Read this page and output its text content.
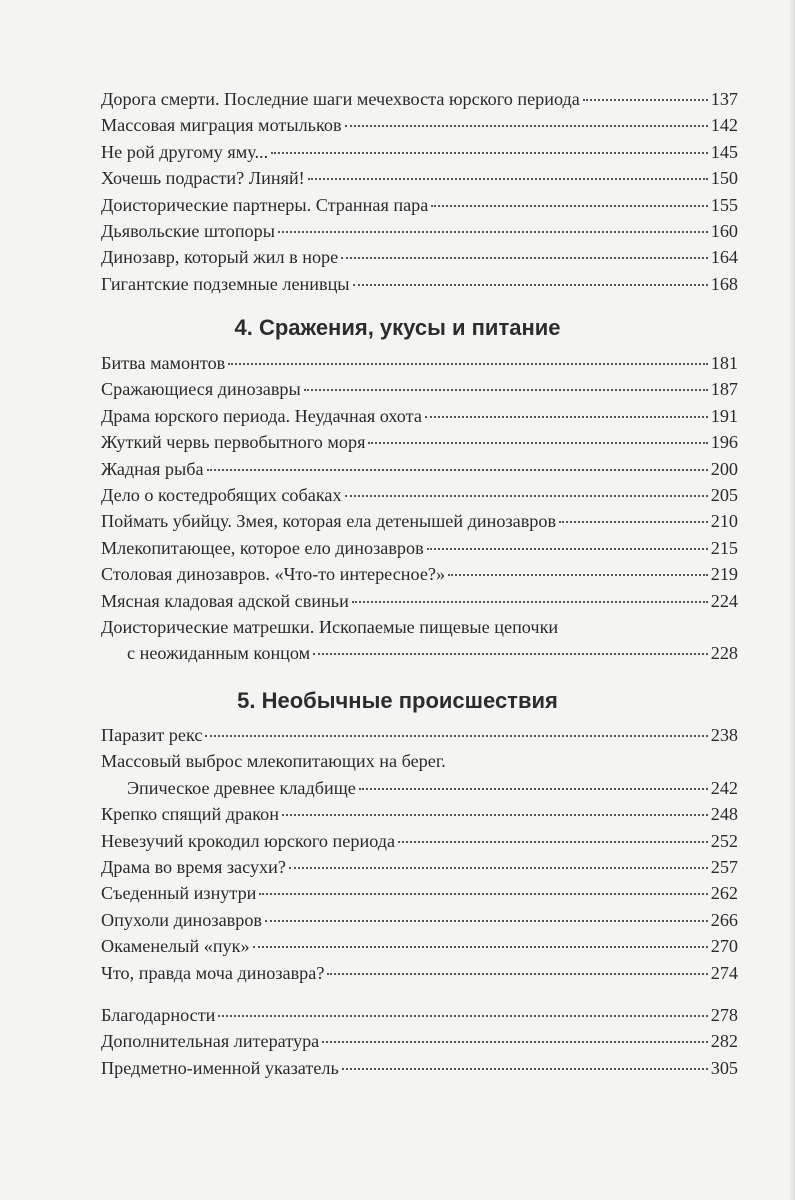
Дорога смерти. Последние шаги мечехвоста юрского периода	137
Массовая миграция мотыльков	142
Не рой другому яму...	145
Хочешь подрасти? Линяй!	150
Доисторические партнеры. Странная пара	155
Дьявольские штопоры	160
Динозавр, который жил в норе	164
Гигантские подземные ленивцы	168
4. Сражения, укусы и питание
Битва мамонтов	181
Сражающиеся динозавры	187
Драма юрского периода. Неудачная охота	191
Жуткий червь первобытного моря	196
Жадная рыба	200
Дело о костедробящих собаках	205
Поймать убийцу. Змея, которая ела детенышей динозавров	210
Млекопитающее, которое ело динозавров	215
Столовая динозавров. «Что-то интересное?»	219
Мясная кладовая адской свиньи	224
Доисторические матрешки. Ископаемые пищевые цепочки
с неожиданным концом	228
5. Необычные происшествия
Паразит рекс	238
Массовый выброс млекопитающих на берег.
Эпическое древнее кладбище	242
Крепко спящий дракон	248
Невезучий крокодил юрского периода	252
Драма во время засухи?	257
Съеденный изнутри	262
Опухоли динозавров	266
Окаменелый «пук»	270
Что, правда моча динозавра?	274
Благодарности	278
Дополнительная литература	282
Предметно-именной указатель	305
